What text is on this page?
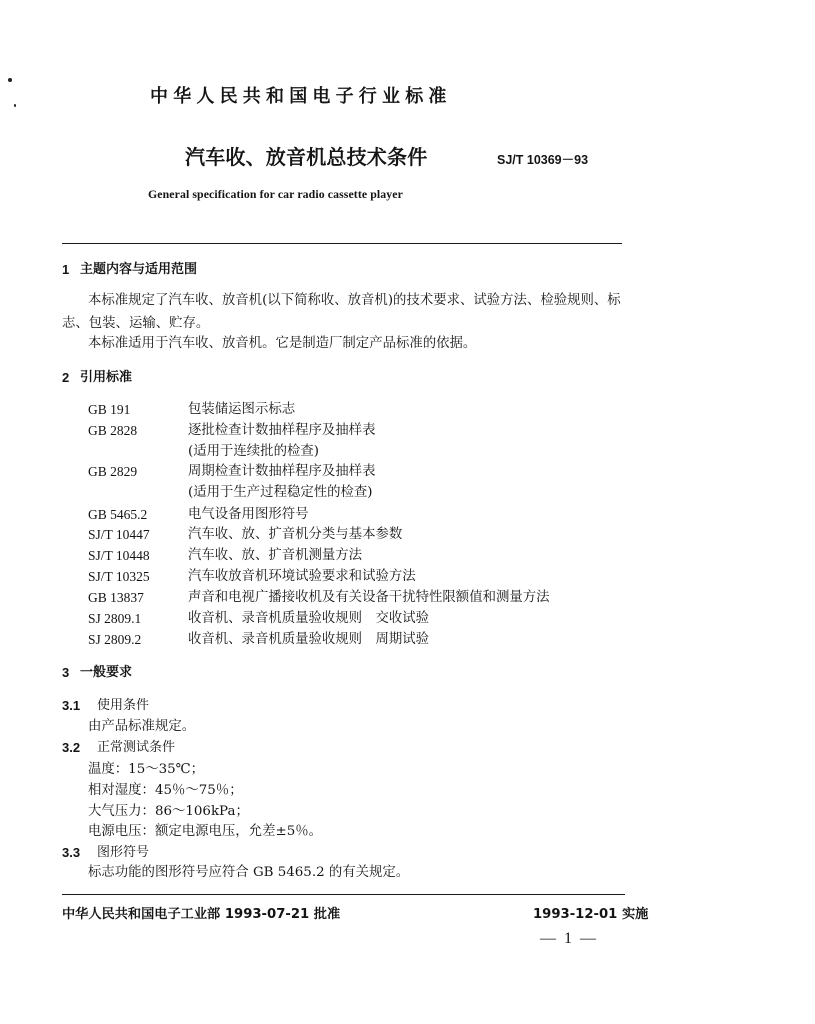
中华人民共和国电子行业标准
汽车收、放音机总技术条件	SJ/T 10369－93
General specification for car radio cassette player
1 主题内容与适用范围
本标准规定了汽车收、放音机(以下简称收、放音机)的技术要求、试验方法、检验规则、标
志、包装、运输、贮存。
本标准适用于汽车收、放音机。它是制造厂制定产品标准的依据。
2 引用标准
GB 191	包装储运图示标志
GB 2828	逐批检查计数抽样程序及抽样表
(适用于连续批的检查)
GB 2829	周期检查计数抽样程序及抽样表
(适用于生产过程稳定性的检查)
GB 5465.2	电气设备用图形符号
SJ/T 10447	汽车收、放、扩音机分类与基本参数
SJ/T 10448	汽车收、放、扩音机测量方法
SJ/T 10325	汽车收放音机环境试验要求和试验方法
GB 13837	声音和电视广播接收机及有关设备干扰特性限额值和测量方法
SJ 2809.1	收音机、录音机质量验收规则　交收试验
SJ 2809.2	收音机、录音机质量验收规则　周期试验
3 一般要求
3.1 使用条件
由产品标准规定。
3.2 正常测试条件
温度：15～35℃；
相对湿度：45％～75％；
大气压力：86～106kPa；
电源电压：额定电源电压，允差±5％。
3.3 图形符号
标志功能的图形符号应符合 GB 5465.2 的有关规定。
中华人民共和国电子工业部 1993-07-21 批准	1993-12-01 实施
— 1 —
